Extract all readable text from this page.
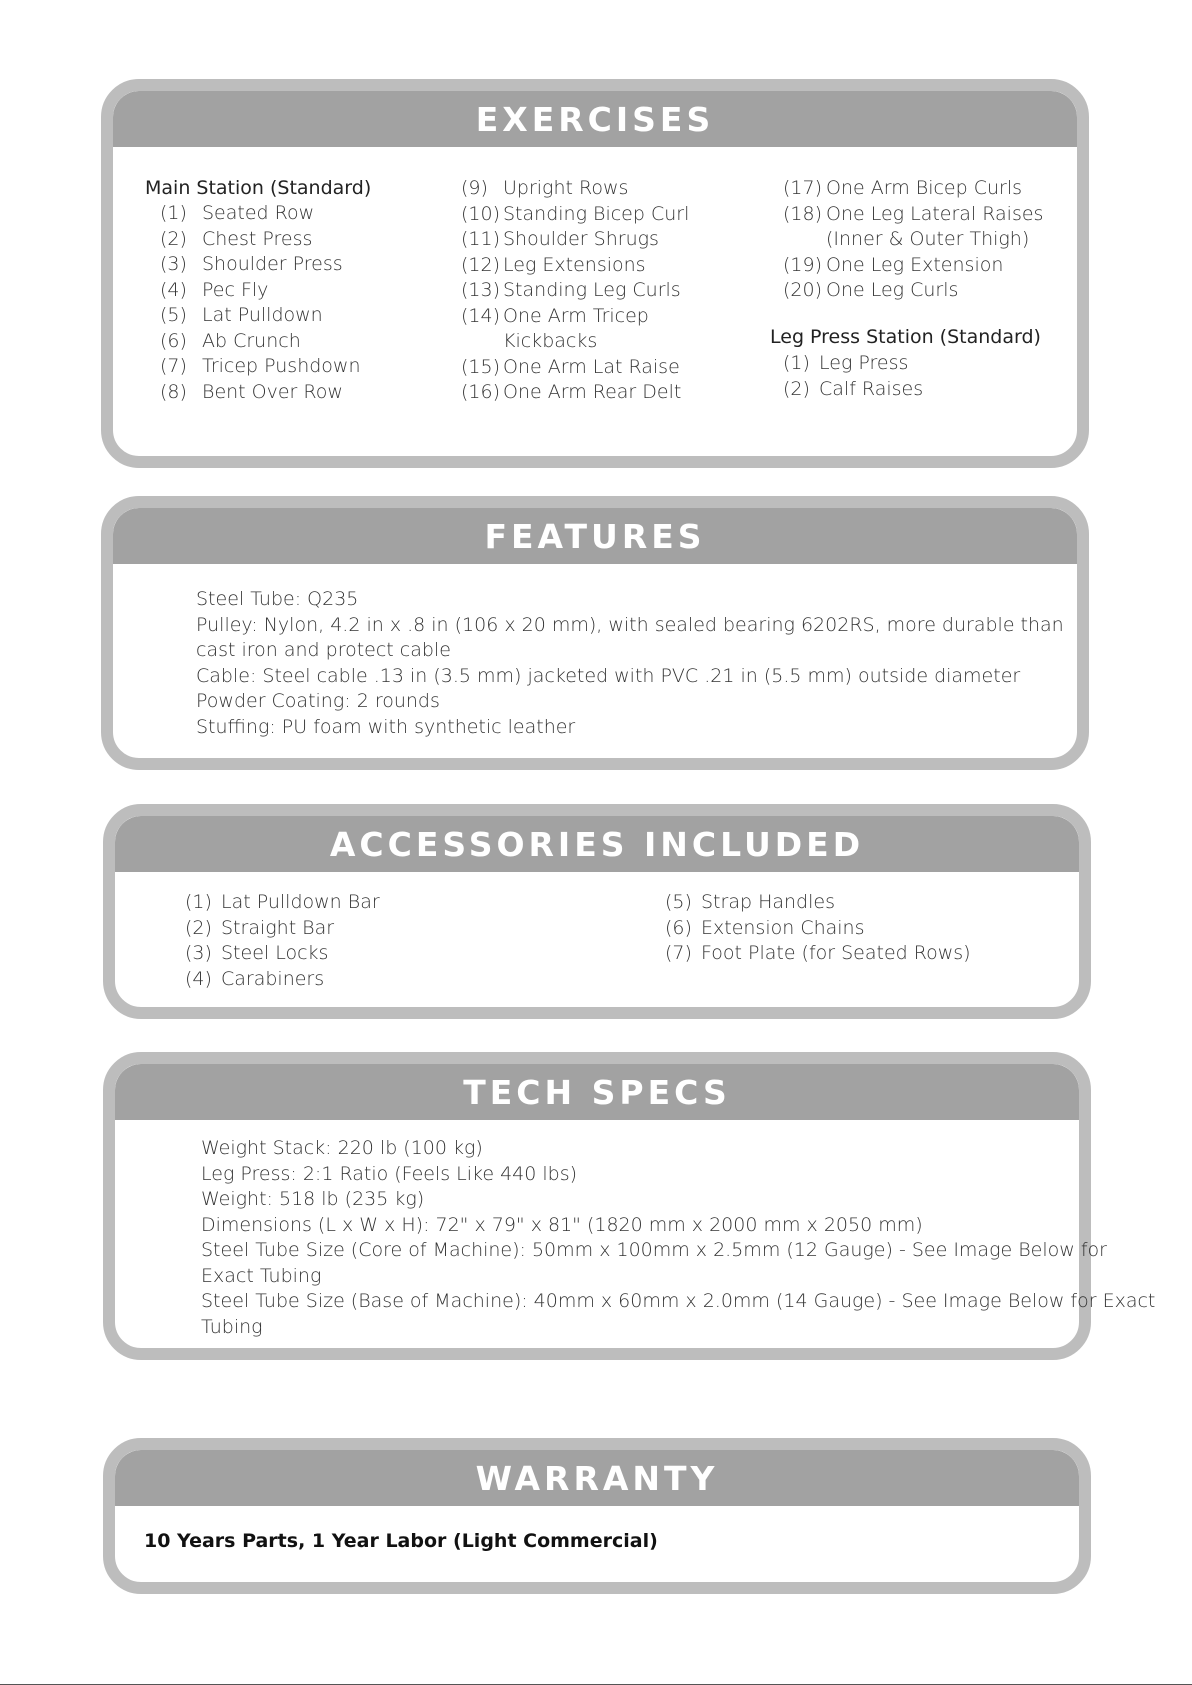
EXERCISES
Main Station (Standard)
(1) Seated Row
(2) Chest Press
(3) Shoulder Press
(4) Pec Fly
(5) Lat Pulldown
(6) Ab Crunch
(7) Tricep Pushdown
(8) Bent Over Row
(9) Upright Rows
(10) Standing Bicep Curl
(11) Shoulder Shrugs
(12) Leg Extensions
(13) Standing Leg Curls
(14) One Arm Tricep
Kickbacks
(15) One Arm Lat Raise
(16) One Arm Rear Delt
(17) One Arm Bicep Curls
(18) One Leg Lateral Raises
(Inner & Outer Thigh)
(19) One Leg Extension
(20) One Leg Curls
Leg Press Station (Standard)
(1) Leg Press
(2) Calf Raises
FEATURES
Steel Tube: Q235
Pulley: Nylon, 4.2 in x .8 in (106 x 20 mm), with sealed bearing 6202RS, more durable than
cast iron and protect cable
Cable: Steel cable .13 in (3.5 mm) jacketed with PVC .21 in (5.5 mm) outside diameter
Powder Coating: 2 rounds
Stuffing: PU foam with synthetic leather
ACCESSORIES INCLUDED
(1) Lat Pulldown Bar
(2) Straight Bar
(3) Steel Locks
(4) Carabiners
(5) Strap Handles
(6) Extension Chains
(7) Foot Plate (for Seated Rows)
TECH SPECS
Weight Stack: 220 lb (100 kg)
Leg Press: 2:1 Ratio (Feels Like 440 lbs)
Weight: 518 lb (235 kg)
Dimensions (L x W x H): 72" x 79" x 81" (1820 mm x 2000 mm x 2050 mm)
Steel Tube Size (Core of Machine): 50mm x 100mm x 2.5mm (12 Gauge) - See Image Below for
Exact Tubing
Steel Tube Size (Base of Machine): 40mm x 60mm x 2.0mm (14 Gauge) - See Image Below for Exact
Tubing
WARRANTY
10 Years Parts, 1 Year Labor (Light Commercial)
